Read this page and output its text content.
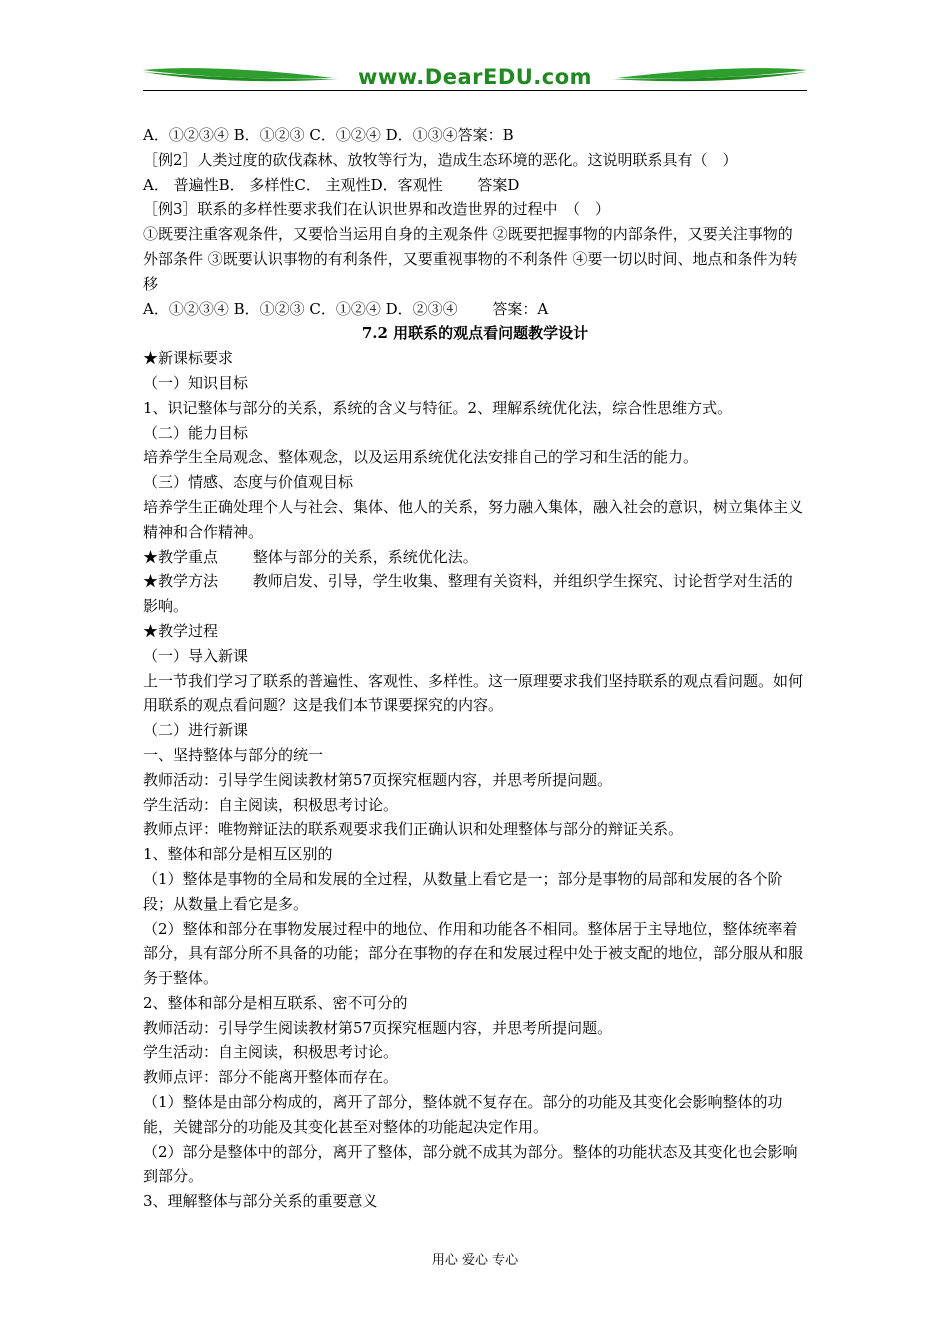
www.DearEDU.com
A．①②③④ B．①②③ C．①②④ D．①③④答案：B
［例2］人类过度的砍伐森林、放牧等行为，造成生态环境的恶化。这说明联系具有（　）
A． 普遍性B． 多样性C． 主观性D．客观性 　　答案D
［例3］联系的多样性要求我们在认识世界和改造世界的过程中　（　）
①既要注重客观条件，又要恰当运用自身的主观条件 ②既要把握事物的内部条件，又要关注事物的外部条件 ③既要认识事物的有利条件，又要重视事物的不利条件 ④要一切以时间、地点和条件为转移
A．①②③④ B．①②③ C．①②④ D．②③④ 　　答案：A
7.2 用联系的观点看问题教学设计
★新课标要求
（一）知识目标
1、识记整体与部分的关系，系统的含义与特征。2、理解系统优化法，综合性思维方式。
（二）能力目标
培养学生全局观念、整体观念，以及运用系统优化法安排自己的学习和生活的能力。
（三）情感、态度与价值观目标
培养学生正确处理个人与社会、集体、他人的关系，努力融入集体，融入社会的意识，树立集体主义精神和合作精神。
★教学重点　　 整体与部分的关系，系统优化法。
★教学方法　　 教师启发、引导，学生收集、整理有关资料，并组织学生探究、讨论哲学对生活的影响。
★教学过程
（一）导入新课
上一节我们学习了联系的普遍性、客观性、多样性。这一原理要求我们坚持联系的观点看问题。如何用联系的观点看问题？这是我们本节课要探究的内容。
（二）进行新课
一、坚持整体与部分的统一
教师活动：引导学生阅读教材第57页探究框题内容，并思考所提问题。
学生活动：自主阅读，积极思考讨论。
教师点评：唯物辩证法的联系观要求我们正确认识和处理整体与部分的辩证关系。
1、整体和部分是相互区别的
（1）整体是事物的全局和发展的全过程，从数量上看它是一；部分是事物的局部和发展的各个阶段；从数量上看它是多。
（2）整体和部分在事物发展过程中的地位、作用和功能各不相同。整体居于主导地位，整体统率着部分，具有部分所不具备的功能；部分在事物的存在和发展过程中处于被支配的地位，部分服从和服务于整体。
2、整体和部分是相互联系、密不可分的
教师活动：引导学生阅读教材第57页探究框题内容，并思考所提问题。
学生活动：自主阅读，积极思考讨论。
教师点评：部分不能离开整体而存在。
（1）整体是由部分构成的，离开了部分，整体就不复存在。部分的功能及其变化会影响整体的功能，关键部分的功能及其变化甚至对整体的功能起决定作用。
（2）部分是整体中的部分，离开了整体，部分就不成其为部分。整体的功能状态及其变化也会影响到部分。
3、理解整体与部分关系的重要意义
用心 爱心 专心
